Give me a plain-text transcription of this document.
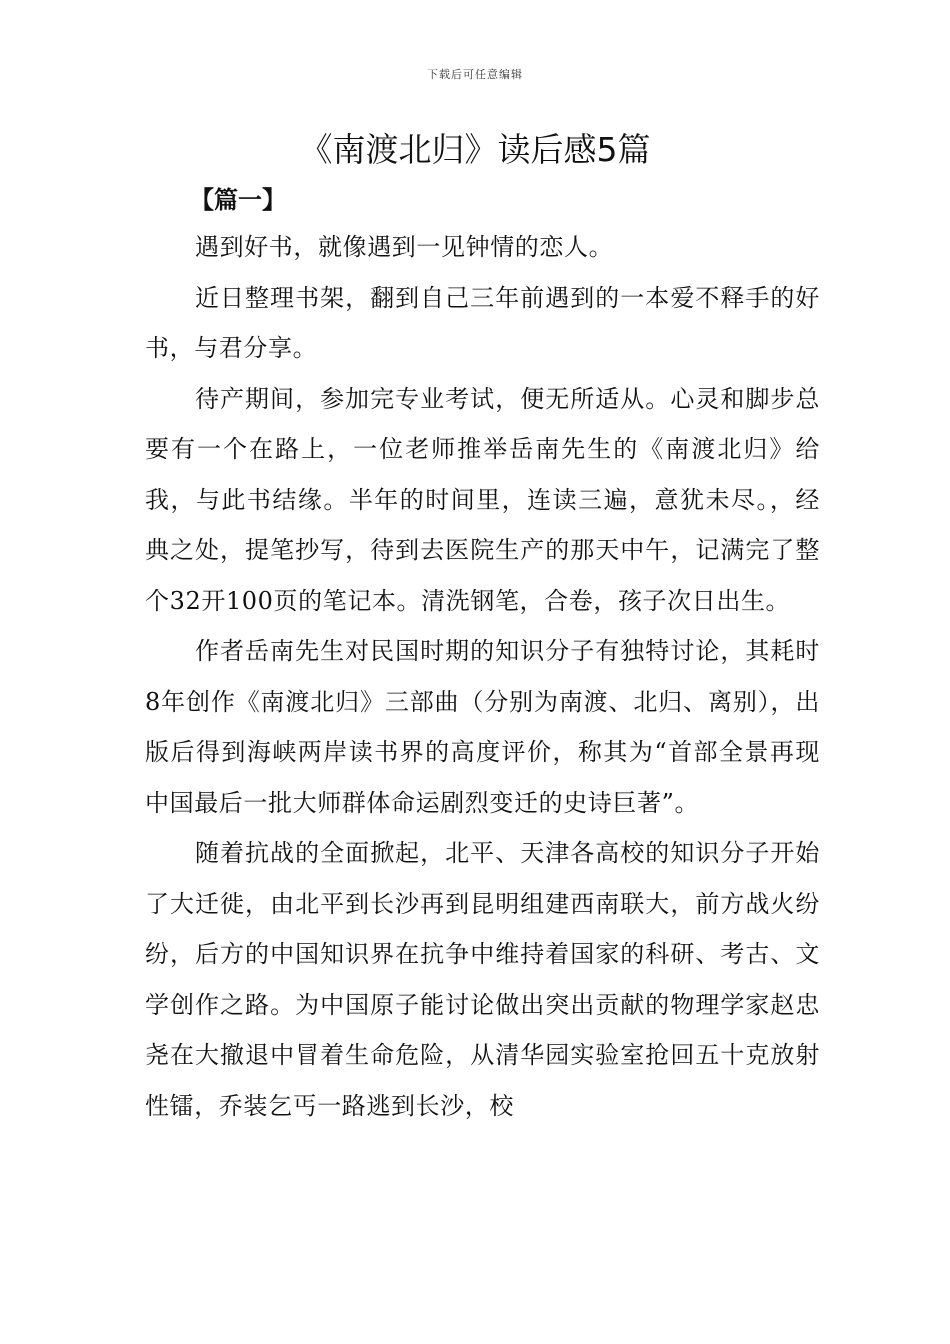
下载后可任意编辑
《南渡北归》读后感5篇
【篇一】

遇到好书，就像遇到一见钟情的恋人。

近日整理书架，翻到自己三年前遇到的一本爱不释手的好书，与君分享。

待产期间，参加完专业考试，便无所适从。心灵和脚步总要有一个在路上，一位老师推举岳南先生的《南渡北归》给我，与此书结缘。半年的时间里，连读三遍，意犹未尽。，经典之处，提笔抄写，待到去医院生产的那天中午，记满完了整个32开100页的笔记本。清洗钢笔，合卷，孩子次日出生。

作者岳南先生对民国时期的知识分子有独特讨论，其耗时8年创作《南渡北归》三部曲（分别为南渡、北归、离别），出版后得到海峡两岸读书界的高度评价，称其为“首部全景再现中国最后一批大师群体命运剧烈变迁的史诗巨著”。

随着抗战的全面掀起，北平、天津各高校的知识分子开始了大迁徙，由北平到长沙再到昆明组建西南联大，前方战火纷纷，后方的中国知识界在抗争中维持着国家的科研、考古、文学创作之路。为中国原子能讨论做出突出贡献的物理学家赵忠尧在大撤退中冒着生命危险，从清华园实验室抢回五十克放射性镭，乔装乞丐一路逃到长沙，校
